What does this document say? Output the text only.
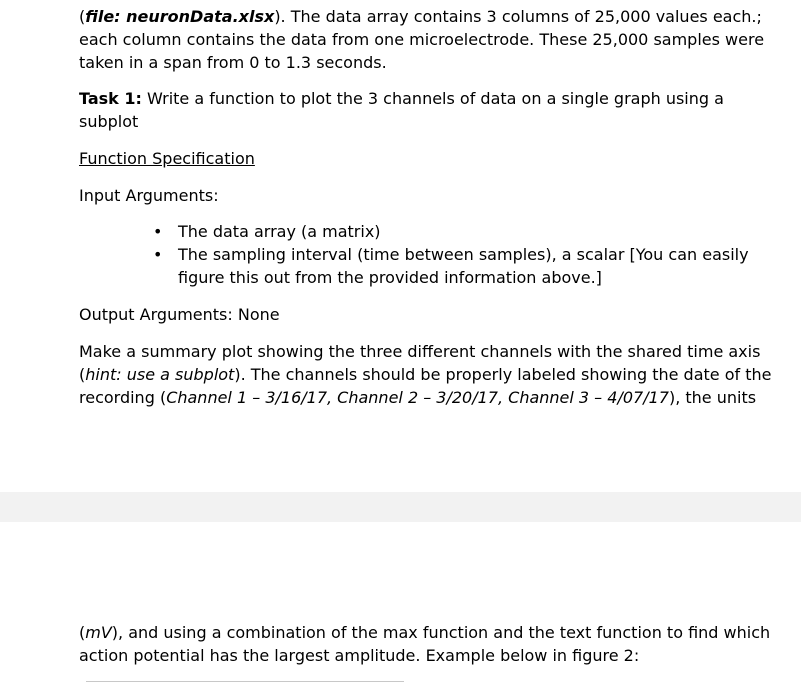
(file: neuronData.xlsx). The data array contains 3 columns of 25,000 values each.;
each column contains the data from one microelectrode. These 25,000 samples were
taken in a span from 0 to 1.3 seconds.
Task 1: Write a function to plot the 3 channels of data on a single graph using a
subplot
Function Specification
Input Arguments:
• The data array (a matrix)
• The sampling interval (time between samples), a scalar [You can easily
figure this out from the provided information above.]
Output Arguments: None
Make a summary plot showing the three different channels with the shared time axis
(hint: use a subplot). The channels should be properly labeled showing the date of the
recording (Channel 1 – 3/16/17, Channel 2 – 3/20/17, Channel 3 – 4/07/17), the units
(mV), and using a combination of the max function and the text function to find which
action potential has the largest amplitude. Example below in figure 2:
